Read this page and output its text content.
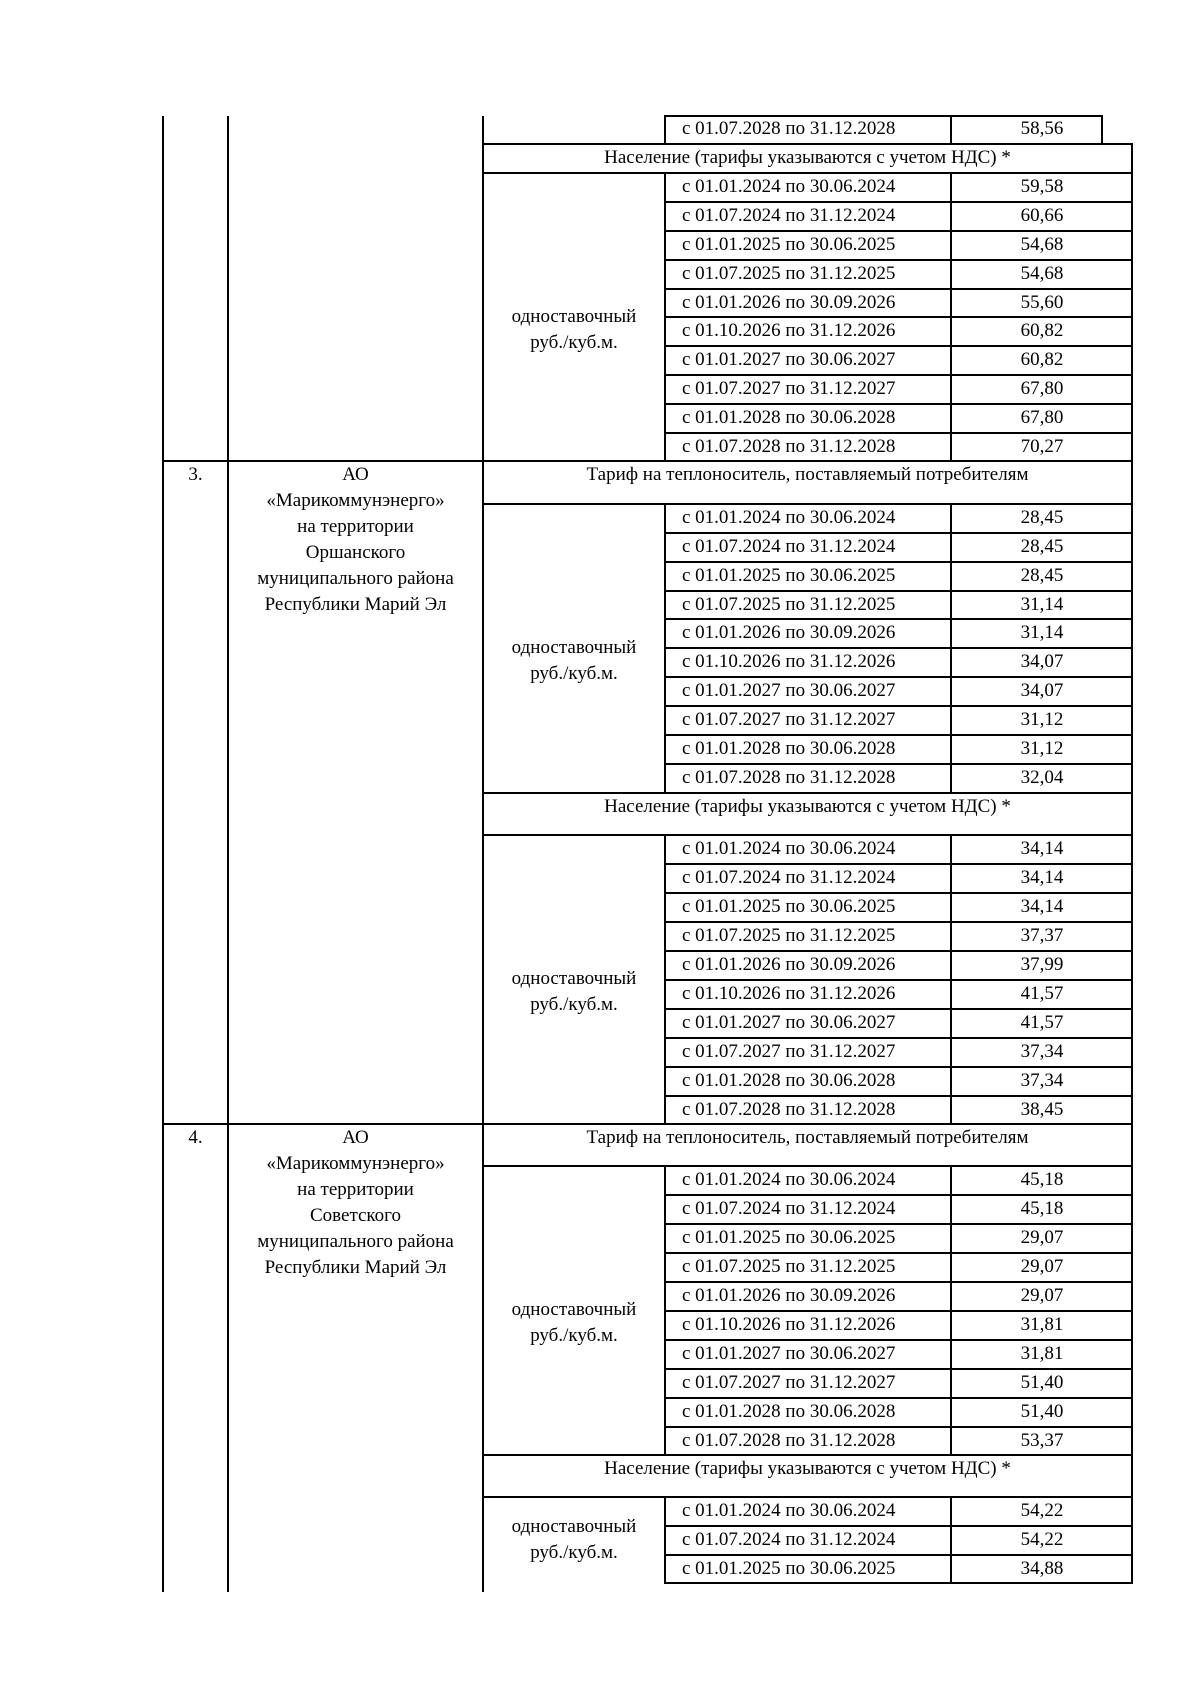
с 01.07.2028 по 31.12.2028	58,56
Население (тарифы указываются с учетом НДС) *
одноставочный
руб./куб.м.
с 01.01.2024 по 30.06.2024	59,58
с 01.07.2024 по 31.12.2024	60,66
с 01.01.2025 по 30.06.2025	54,68
с 01.07.2025 по 31.12.2025	54,68
с 01.01.2026 по 30.09.2026	55,60
с 01.10.2026 по 31.12.2026	60,82
с 01.01.2027 по 30.06.2027	60,82
с 01.07.2027 по 31.12.2027	67,80
с 01.01.2028 по 30.06.2028	67,80
с 01.07.2028 по 31.12.2028	70,27
3.	АО
«Марикоммунэнерго»
на территории
Оршанского
муниципального района
Республики Марий Эл
Тариф на теплоноситель, поставляемый потребителям
одноставочный
руб./куб.м.
с 01.01.2024 по 30.06.2024	28,45
с 01.07.2024 по 31.12.2024	28,45
с 01.01.2025 по 30.06.2025	28,45
с 01.07.2025 по 31.12.2025	31,14
с 01.01.2026 по 30.09.2026	31,14
с 01.10.2026 по 31.12.2026	34,07
с 01.01.2027 по 30.06.2027	34,07
с 01.07.2027 по 31.12.2027	31,12
с 01.01.2028 по 30.06.2028	31,12
с 01.07.2028 по 31.12.2028	32,04
Население (тарифы указываются с учетом НДС) *
одноставочный
руб./куб.м.
с 01.01.2024 по 30.06.2024	34,14
с 01.07.2024 по 31.12.2024	34,14
с 01.01.2025 по 30.06.2025	34,14
с 01.07.2025 по 31.12.2025	37,37
с 01.01.2026 по 30.09.2026	37,99
с 01.10.2026 по 31.12.2026	41,57
с 01.01.2027 по 30.06.2027	41,57
с 01.07.2027 по 31.12.2027	37,34
с 01.01.2028 по 30.06.2028	37,34
с 01.07.2028 по 31.12.2028	38,45
4.	АО
«Марикоммунэнерго»
на территории
Советского
муниципального района
Республики Марий Эл
Тариф на теплоноситель, поставляемый потребителям
одноставочный
руб./куб.м.
с 01.01.2024 по 30.06.2024	45,18
с 01.07.2024 по 31.12.2024	45,18
с 01.01.2025 по 30.06.2025	29,07
с 01.07.2025 по 31.12.2025	29,07
с 01.01.2026 по 30.09.2026	29,07
с 01.10.2026 по 31.12.2026	31,81
с 01.01.2027 по 30.06.2027	31,81
с 01.07.2027 по 31.12.2027	51,40
с 01.01.2028 по 30.06.2028	51,40
с 01.07.2028 по 31.12.2028	53,37
Население (тарифы указываются с учетом НДС) *
одноставочный
руб./куб.м.
с 01.01.2024 по 30.06.2024	54,22
с 01.07.2024 по 31.12.2024	54,22
с 01.01.2025 по 30.06.2025	34,88
